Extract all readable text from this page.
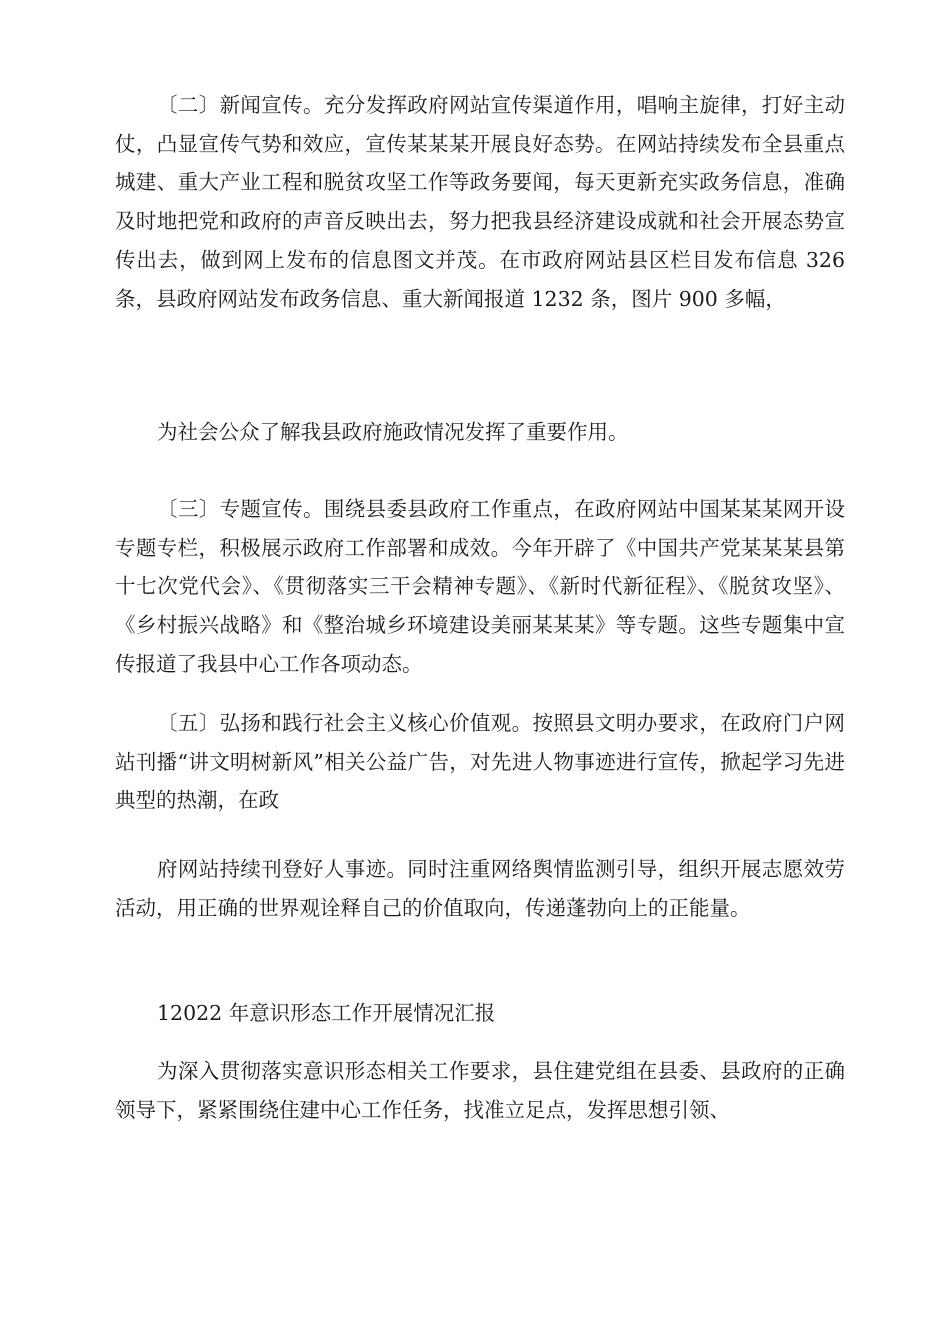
〔二〕新闻宣传。充分发挥政府网站宣传渠道作用，唱响主旋律，打好主动仗，凸显宣传气势和效应，宣传某某某开展良好态势。在网站持续发布全县重点城建、重大产业工程和脱贫攻坚工作等政务要闻，每天更新充实政务信息，准确及时地把党和政府的声音反映出去，努力把我县经济建设成就和社会开展态势宣传出去，做到网上发布的信息图文并茂。在市政府网站县区栏目发布信息 326 条，县政府网站发布政务信息、重大新闻报道 1232 条，图片 900 多幅，

为社会公众了解我县政府施政情况发挥了重要作用。

〔三〕专题宣传。围绕县委县政府工作重点，在政府网站中国某某某网开设专题专栏，积极展示政府工作部署和成效。今年开辟了《中国共产党某某某县第十七次党代会》、《贯彻落实三干会精神专题》、《新时代新征程》、《脱贫攻坚》、《乡村振兴战略》和《整治城乡环境建设美丽某某某》等专题。这些专题集中宣传报道了我县中心工作各项动态。

〔五〕弘扬和践行社会主义核心价值观。按照县文明办要求，在政府门户网站刊播“讲文明树新风”相关公益广告，对先进人物事迹进行宣传，掀起学习先进典型的热潮，在政

府网站持续刊登好人事迹。同时注重网络舆情监测引导，组织开展志愿效劳活动，用正确的世界观诠释自己的价值取向，传递蓬勃向上的正能量。

12022 年意识形态工作开展情况汇报

为深入贯彻落实意识形态相关工作要求，县住建党组在县委、县政府的正确领导下，紧紧围绕住建中心工作任务，找准立足点，发挥思想引领、
